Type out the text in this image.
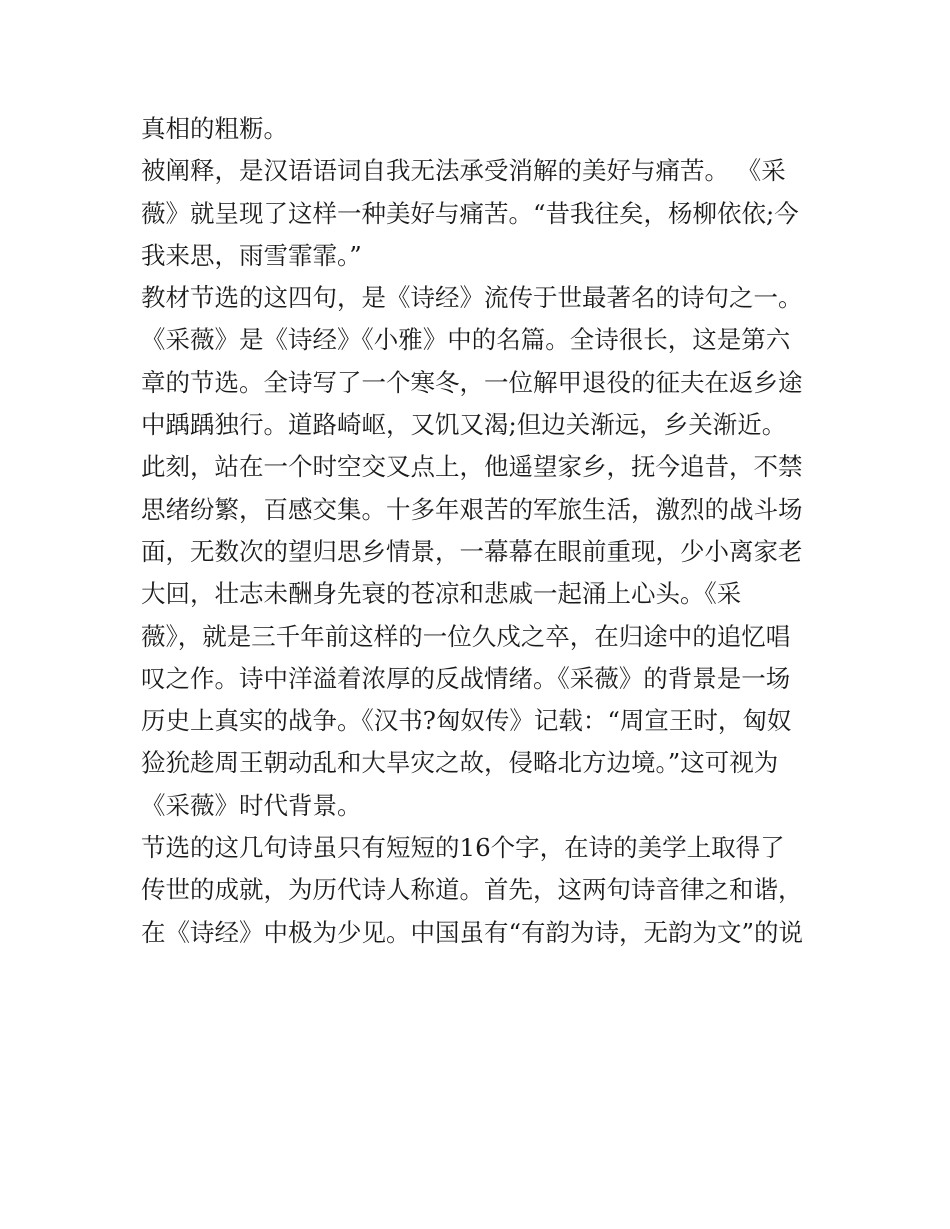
真相的粗粝。
被阐释，是汉语语词自我无法承受消解的美好与痛苦。 《采
薇》就呈现了这样一种美好与痛苦。“昔我往矣，杨柳依依;今
我来思，雨雪霏霏。”
教材节选的这四句，是《诗经》流传于世最著名的诗句之一。
《采薇》是《诗经》《小雅》中的名篇。全诗很长，这是第六
章的节选。全诗写了一个寒冬，一位解甲退役的征夫在返乡途
中踽踽独行。道路崎岖，又饥又渴;但边关渐远，乡关渐近。
此刻，站在一个时空交叉点上，他遥望家乡，抚今追昔，不禁
思绪纷繁，百感交集。十多年艰苦的军旅生活，激烈的战斗场
面，无数次的望归思乡情景，一幕幕在眼前重现，少小离家老
大回，壮志未酬身先衰的苍凉和悲戚一起涌上心头。《采
薇》，就是三千年前这样的一位久戍之卒，在归途中的追忆唱
叹之作。诗中洋溢着浓厚的反战情绪。《采薇》的背景是一场
历史上真实的战争。《汉书?匈奴传》记载：“周宣王时，匈奴
猃狁趁周王朝动乱和大旱灾之故，侵略北方边境。”这可视为
《采薇》时代背景。
节选的这几句诗虽只有短短的16个字，在诗的美学上取得了
传世的成就，为历代诗人称道。首先，这两句诗音律之和谐，
在《诗经》中极为少见。中国虽有“有韵为诗，无韵为文”的说
